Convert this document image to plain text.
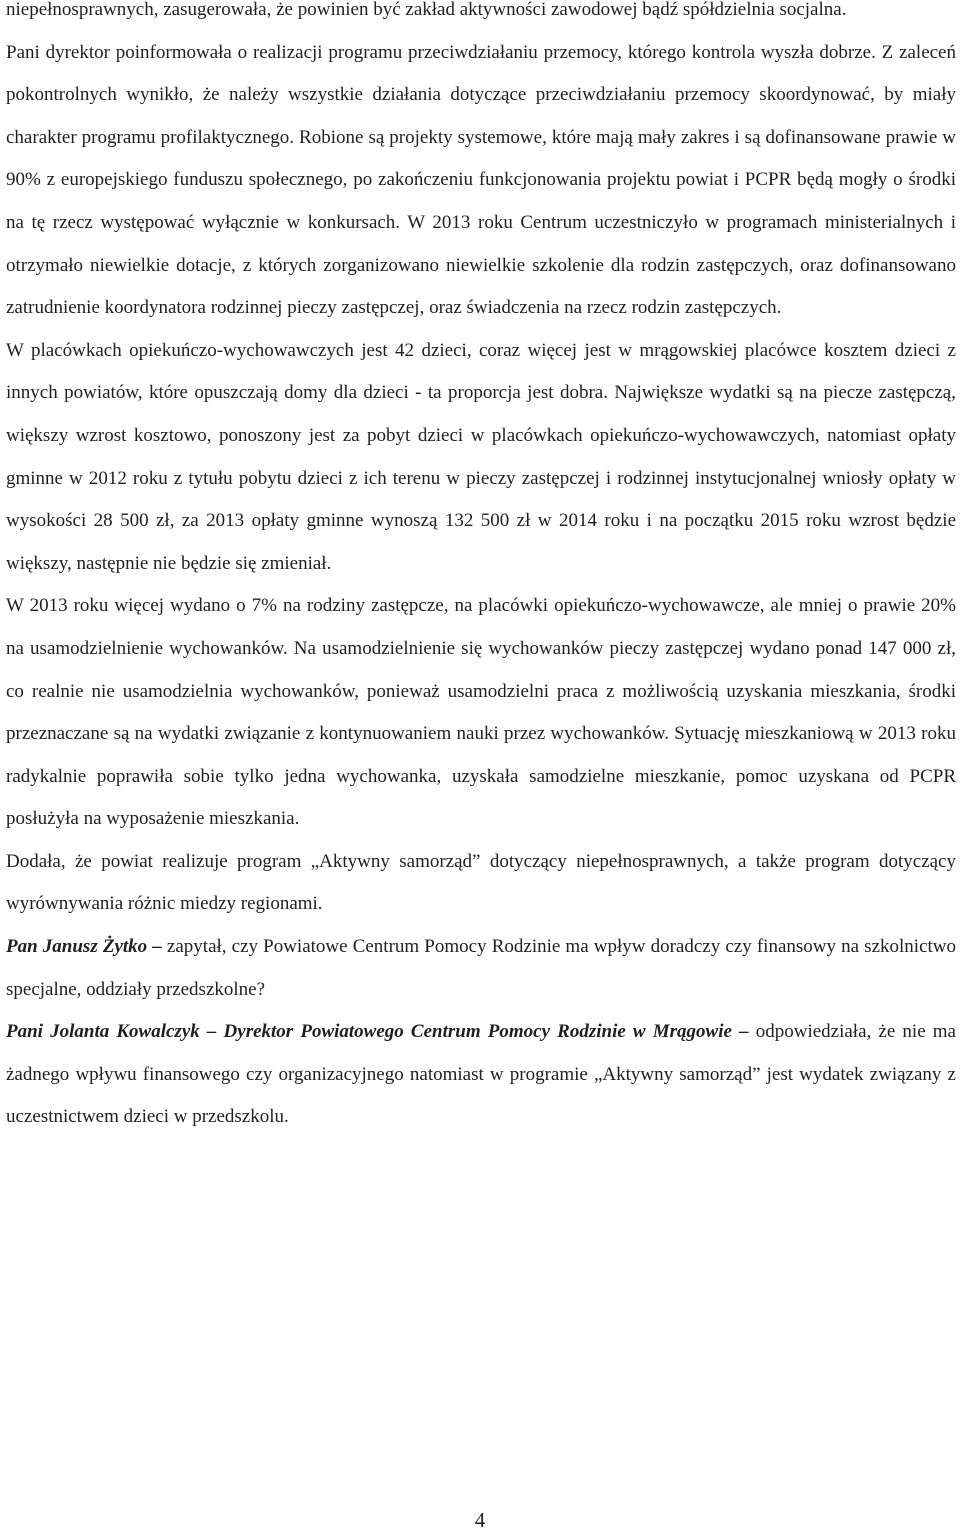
niepełnosprawnych, zasugerowała, że powinien być zakład aktywności zawodowej bądź spółdzielnia socjalna.

Pani dyrektor poinformowała o realizacji programu przeciwdziałaniu przemocy, którego kontrola wyszła dobrze. Z zaleceń pokontrolnych wynikło, że należy wszystkie działania dotyczące przeciwdziałaniu przemocy skoordynować, by miały charakter programu profilaktycznego. Robione są projekty systemowe, które mają mały zakres i są dofinansowane prawie w 90% z europejskiego funduszu społecznego, po zakończeniu funkcjonowania projektu powiat i PCPR będą mogły o środki na tę rzecz występować wyłącznie w konkursach. W 2013 roku Centrum uczestniczyło w programach ministerialnych i otrzymało niewielkie dotacje, z których zorganizowano niewielkie szkolenie dla rodzin zastępczych, oraz dofinansowano zatrudnienie koordynatora rodzinnej pieczy zastępczej, oraz świadczenia na rzecz rodzin zastępczych.

W placówkach opiekuńczo-wychowawczych jest 42 dzieci, coraz więcej jest w mrągowskiej placówce kosztem dzieci z innych powiatów, które opuszczają domy dla dzieci - ta proporcja jest dobra. Największe wydatki są na piecze zastępczą, większy wzrost kosztowo, ponoszony jest za pobyt dzieci w placówkach opiekuńczo-wychowawczych, natomiast opłaty gminne w 2012 roku z tytułu pobytu dzieci z ich terenu w pieczy zastępczej i rodzinnej instytucjonalnej wniosły opłaty w wysokości 28 500 zł, za 2013 opłaty gminne wynoszą 132 500 zł w 2014 roku i na początku 2015 roku wzrost będzie większy, następnie nie będzie się zmieniał.

W 2013 roku więcej wydano o 7% na rodziny zastępcze, na placówki opiekuńczo-wychowawcze, ale mniej o prawie 20% na usamodzielnienie wychowanków. Na usamodzielnienie się wychowanków pieczy zastępczej wydano ponad 147 000 zł, co realnie nie usamodzielnia wychowanków, ponieważ usamodzielni praca z możliwością uzyskania mieszkania, środki przeznaczane są na wydatki związanie z kontynuowaniem nauki przez wychowanków. Sytuację mieszkaniową w 2013 roku radykalnie poprawiła sobie tylko jedna wychowanka, uzyskała samodzielne mieszkanie, pomoc uzyskana od PCPR posłużyła na wyposażenie mieszkania.

Dodała, że powiat realizuje program „Aktywny samorząd” dotyczący niepełnosprawnych, a także program dotyczący wyrównywania różnic miedzy regionami.

Pan Janusz Żytko – zapytał, czy Powiatowe Centrum Pomocy Rodzinie ma wpływ doradczy czy finansowy na szkolnictwo specjalne, oddziały przedszkolne?

Pani Jolanta Kowalczyk – Dyrektor Powiatowego Centrum Pomocy Rodzinie w Mrągowie – odpowiedziała, że nie ma żadnego wpływu finansowego czy organizacyjnego natomiast w programie „Aktywny samorząd” jest wydatek związany z uczestnictwem dzieci w przedszkolu.

4
